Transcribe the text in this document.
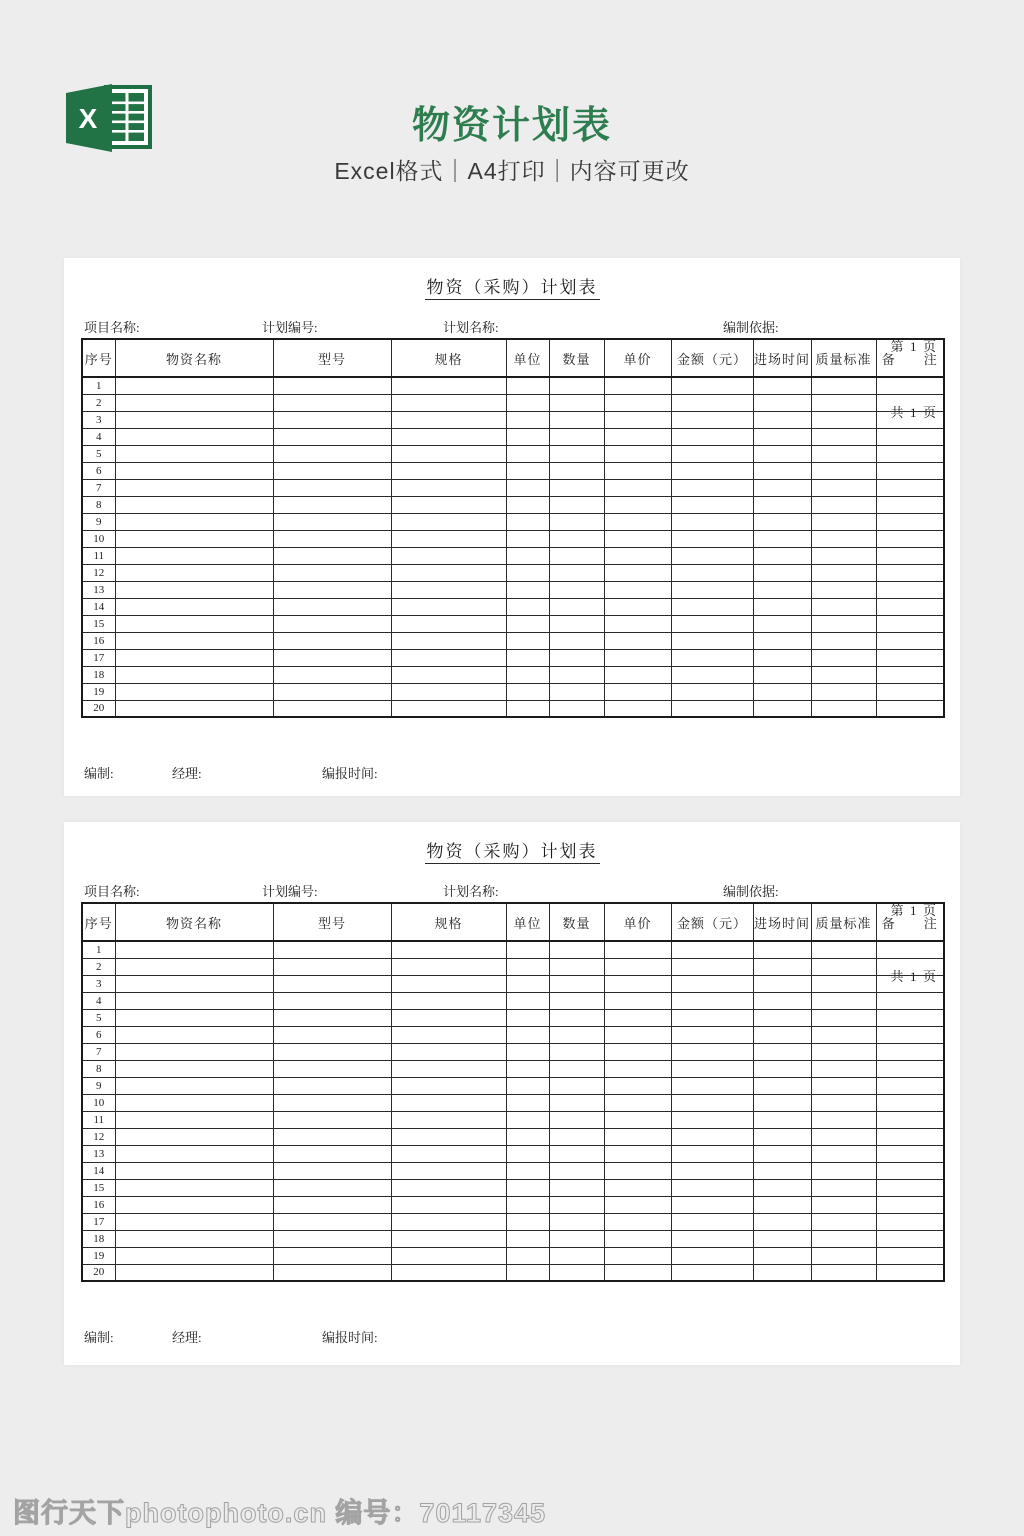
X	物资计划表
Excel格式｜A4打印｜内容可更改
物资（采购）计划表

第  1  页

共  1  页

项目名称:	计划编号:	计划名称:	编制依据:
序号	物资名称	型号	规格	单位	数量	单价	金额（元）	进场时间	质量标准	备　　注
1										
2										
3										
4										
5										
6										
7										
8										
9										
10										
11										
12										
13										
14										
15										
16										
17										
18										
19										
20										
编制:	经理:	编报时间:
物资（采购）计划表

第  1  页

共  1  页

项目名称:	计划编号:	计划名称:	编制依据:
序号	物资名称	型号	规格	单位	数量	单价	金额（元）	进场时间	质量标准	备　　注
1										
2										
3										
4										
5										
6										
7										
8										
9										
10										
11										
12										
13										
14										
15										
16										
17										
18										
19										
20										
编制:	经理:	编报时间:
图行天下photophoto.cn 编号：70117345
